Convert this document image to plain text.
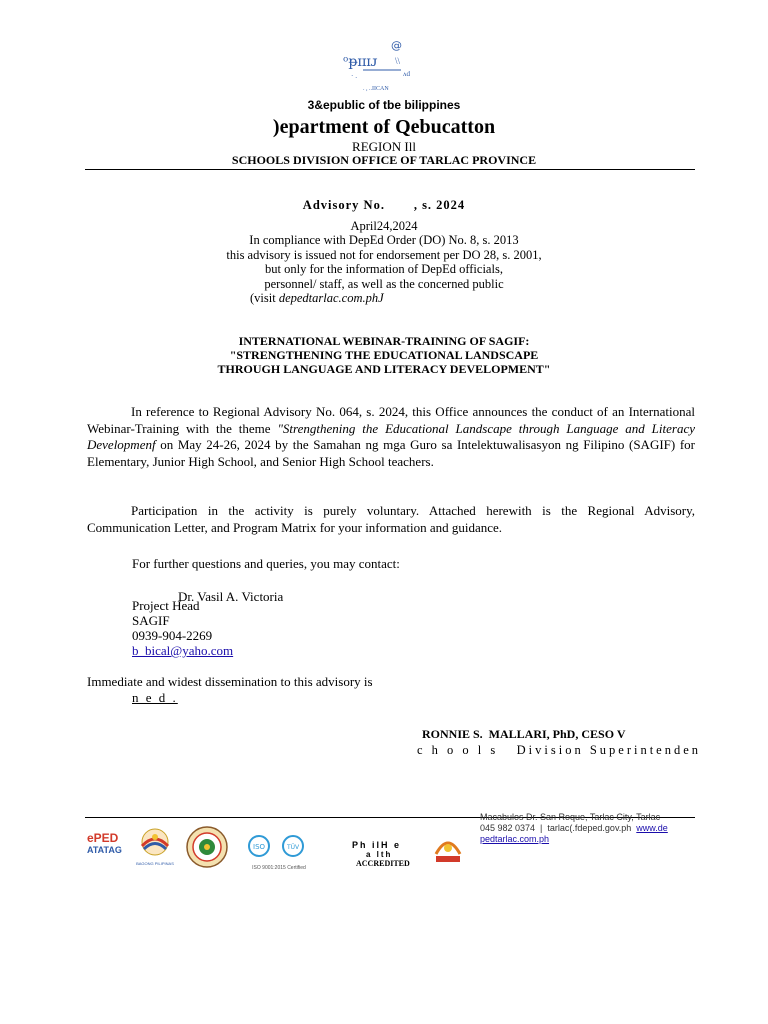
@
ᵒᵽɪɪɪᴊ \\
· ·	ᴧd
. , ..IICAN
3&epublic of tbe bilippines
)epartment of Qebucatton
REGION Ill
SCHOOLS DIVISION OFFICE OF TARLAC PROVINCE
Advisory No.       , s. 2024
April24,2024
In compliance with DepEd Order (DO) No. 8, s. 2013
this advisory is issued not for endorsement per DO 28, s. 2001,
but only for the information of DepEd officials,
personnel/ staff, as well as the concerned public
(visit depedtarlac.com.phJ
INTERNATIONAL WEBINAR-TRAINING OF SAGIF:
"STRENGTHENING THE EDUCATIONAL LANDSCAPE
THROUGH LANGUAGE AND LITERACY DEVELOPMENT"
In reference to Regional Advisory No. 064, s. 2024, this Office announces the conduct of an International Webinar-Training with the theme "Strengthening the Educational Landscape through Language and Literacy Developmenf on May 24-26, 2024 by the Samahan ng mga Guro sa Intelektuwalisasyon ng Filipino (SAGIF) for Elementary, Junior High School, and Senior High School teachers.
Participation in the activity is purely voluntary. Attached herewith is the Regional Advisory, Communication Letter, and Program Matrix for your information and guidance.
For further questions and queries, you may contact:
Dr. Vasil A. Victoria
Project Head
SAGIF
0939-904-2269
b_bical@yaho.com
Immediate and widest dissemination to this advisory is
n e d .
RONNIE S.  MALLARI, PhD, CESO V
c h o o l s   Division Superintenden
ePED
ATATAG
BAGONG PILIPINAS
ISO	TÜV
ISO 9001:2015 Certified
Ph ilH e
a lth
ACCREDITED
Macabulos Dr. San Roque, Tarlac City, Tarlac
045 982 0374  |  tarlac(.fdeped.gov.ph  www.de
pedtarlac.com.ph
